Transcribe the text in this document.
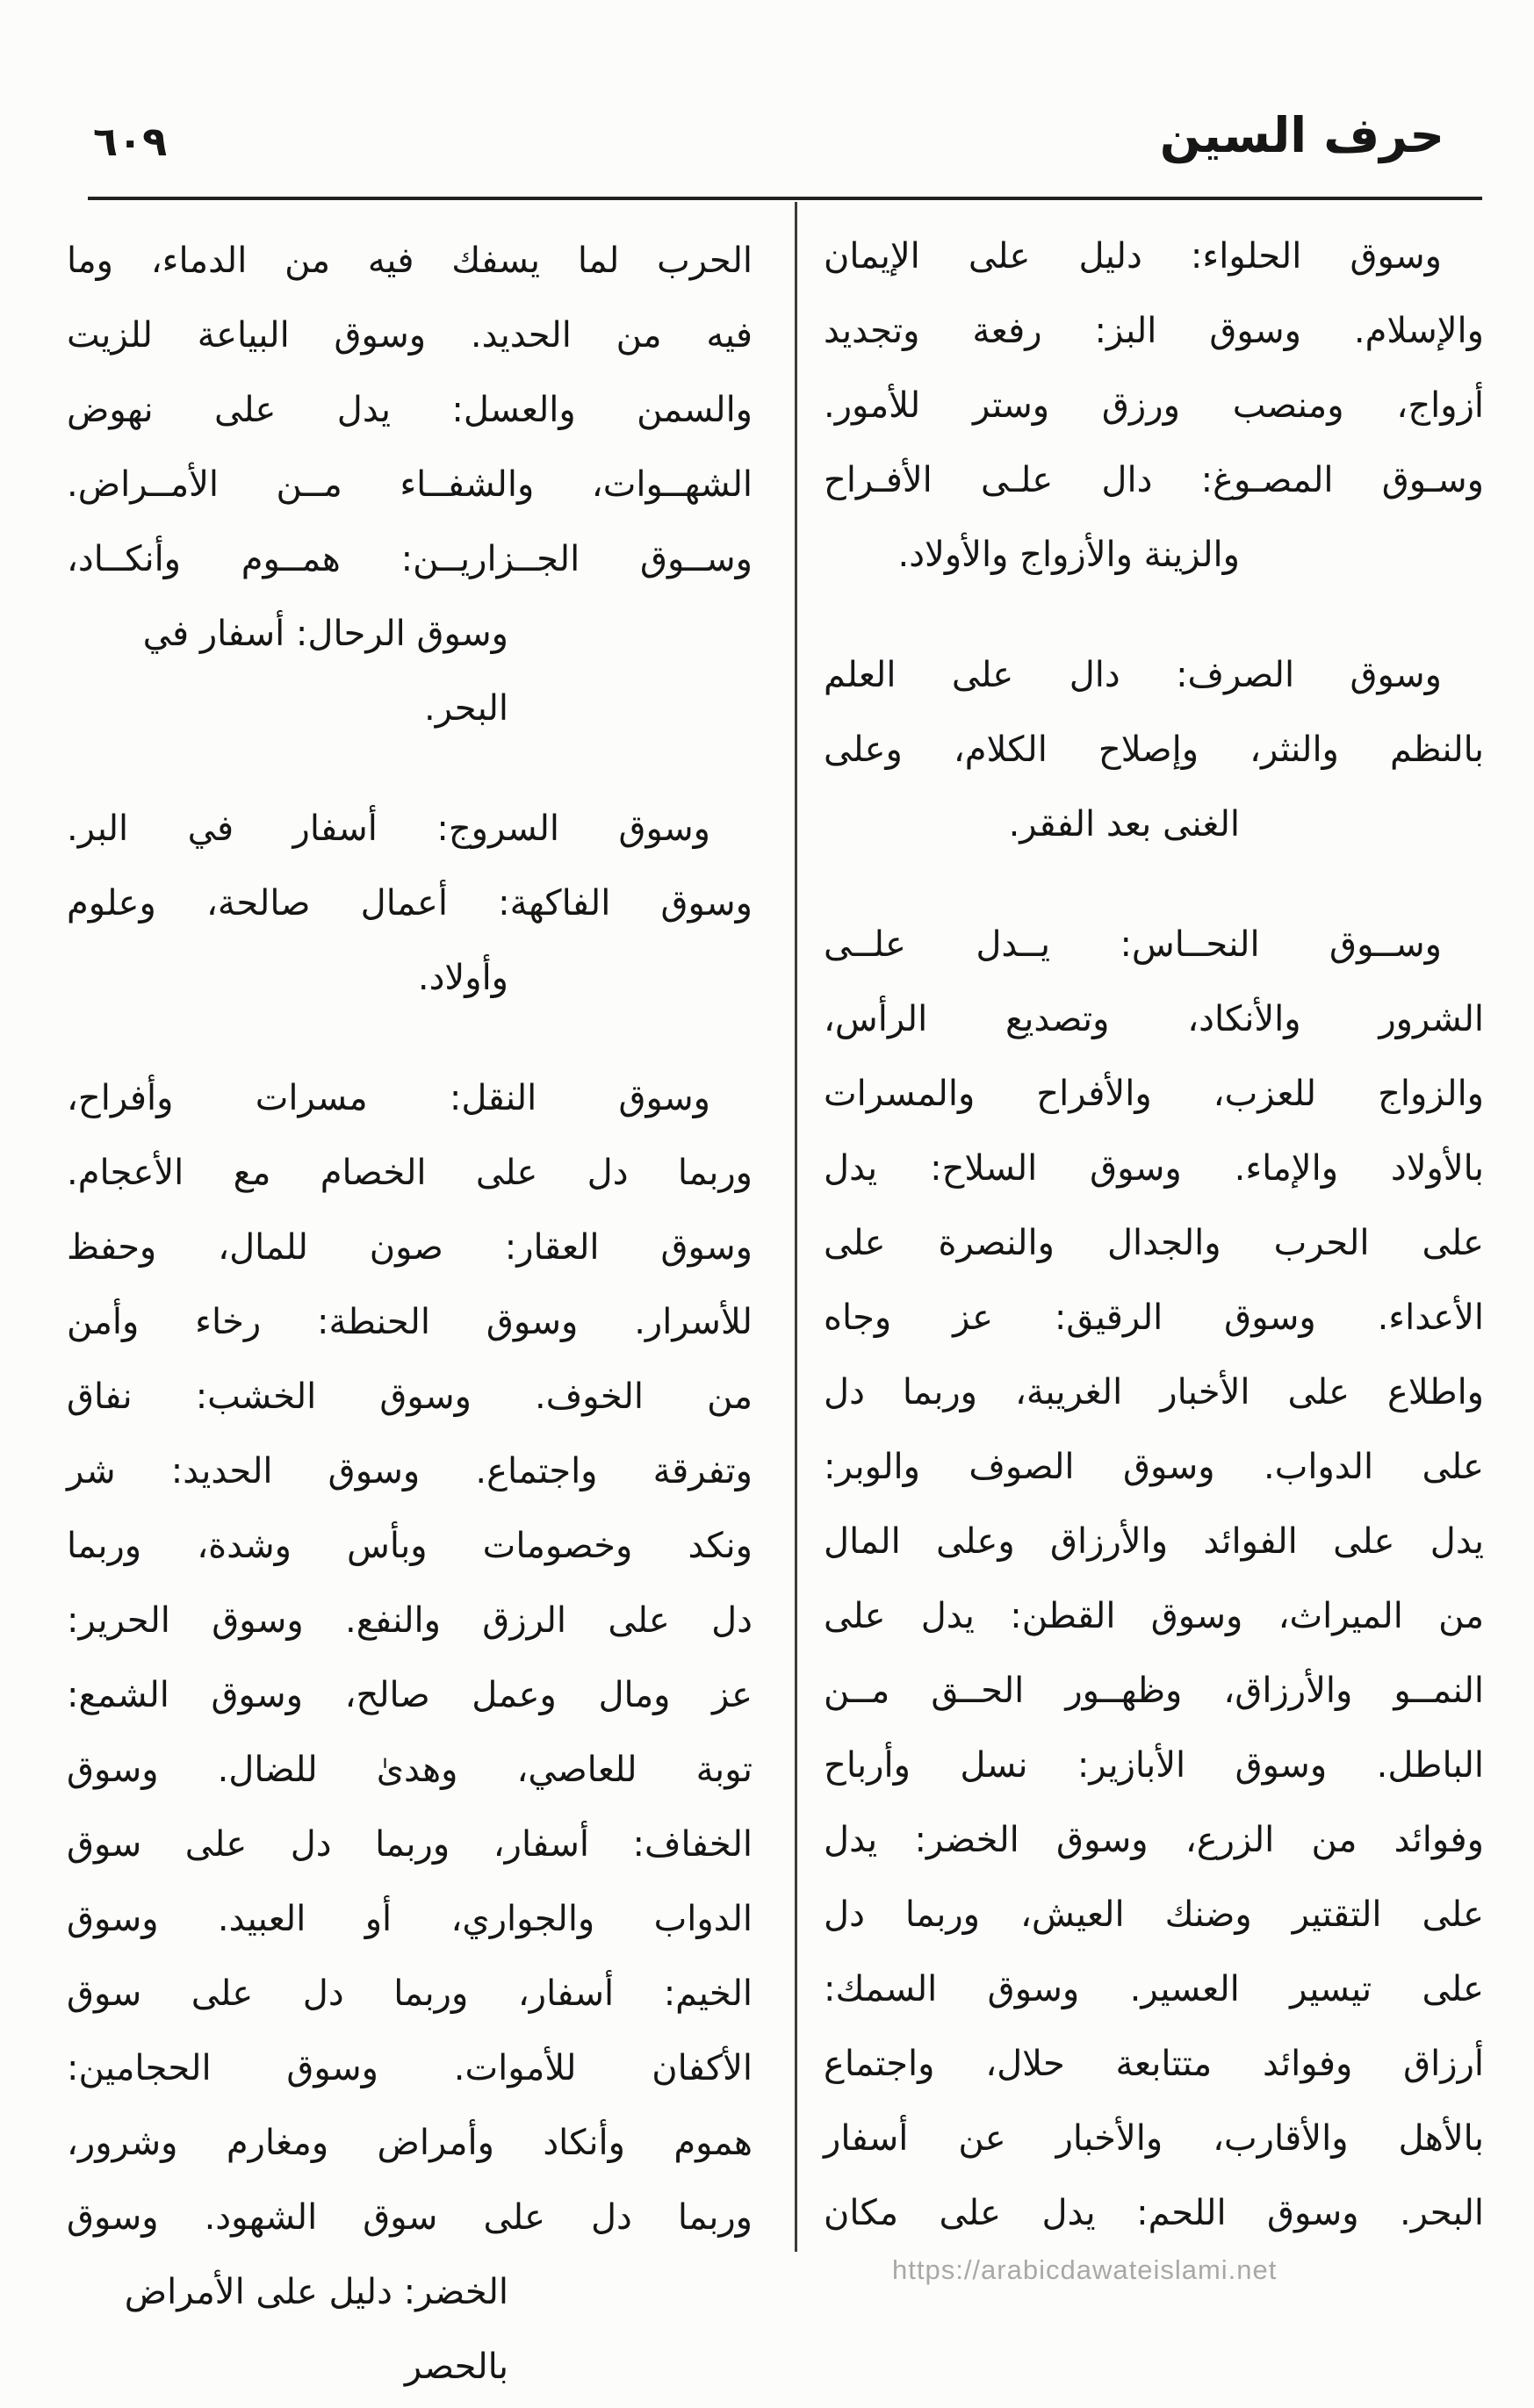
٦٠٩	حرف السين
وسوق الحلواء: دليل على الإيمان
والإسلام. وسوق البز: رفعة وتجديد
أزواج، ومنصب ورزق وستر للأمور.
وسـوق المصـوغ: دال علـى الأفـراح
والزينة والأزواج والأولاد.
وسوق الصرف: دال على العلم
بالنظم والنثر، وإصلاح الكلام، وعلى
الغنى بعد الفقر.
وســوق النحــاس: يــدل علــى
الشرور والأنكاد، وتصديع الرأس،
والزواج للعزب، والأفراح والمسرات
بالأولاد والإماء. وسوق السلاح: يدل
على الحرب والجدال والنصرة على
الأعداء. وسوق الرقيق: عز وجاه
واطلاع على الأخبار الغريبة، وربما دل
على الدواب. وسوق الصوف والوبر:
يدل على الفوائد والأرزاق وعلى المال
من الميراث، وسوق القطن: يدل على
النمــو والأرزاق، وظهــور الحــق مــن
الباطل. وسوق الأبازير: نسل وأرباح
وفوائد من الزرع، وسوق الخضر: يدل
على التقتير وضنك العيش، وربما دل
على تيسير العسير. وسوق السمك:
أرزاق وفوائد متتابعة حلال، واجتماع
بالأهل والأقارب، والأخبار عن أسفار
البحر. وسوق اللحم: يدل على مكان
الحرب لما يسفك فيه من الدماء، وما
فيه من الحديد. وسوق البياعة للزيت
والسمن والعسل: يدل على نهوض
الشهــوات، والشفــاء مــن الأمــراض.
وســوق الجــزاريــن: همــوم وأنكــاد،
وسوق الرحال: أسفار في البحر.
وسوق السروج: أسفار في البر.
وسوق الفاكهة: أعمال صالحة، وعلوم
وأولاد.
وسوق النقل: مسرات وأفراح،
وربما دل على الخصام مع الأعجام.
وسوق العقار: صون للمال، وحفظ
للأسرار. وسوق الحنطة: رخاء وأمن
من الخوف. وسوق الخشب: نفاق
وتفرقة واجتماع. وسوق الحديد: شر
ونكد وخصومات وبأس وشدة، وربما
دل على الرزق والنفع. وسوق الحرير:
عز ومال وعمل صالح، وسوق الشمع:
توبة للعاصي، وهدىٰ للضال. وسوق
الخفاف: أسفار، وربما دل على سوق
الدواب والجواري، أو العبيد. وسوق
الخيم: أسفار، وربما دل على سوق
الأكفان للأموات. وسوق الحجامين:
هموم وأنكاد وأمراض ومغارم وشرور،
وربما دل على سوق الشهود. وسوق
الخضر: دليل على الأمراض بالحصر
https://arabicdawateislami.net
